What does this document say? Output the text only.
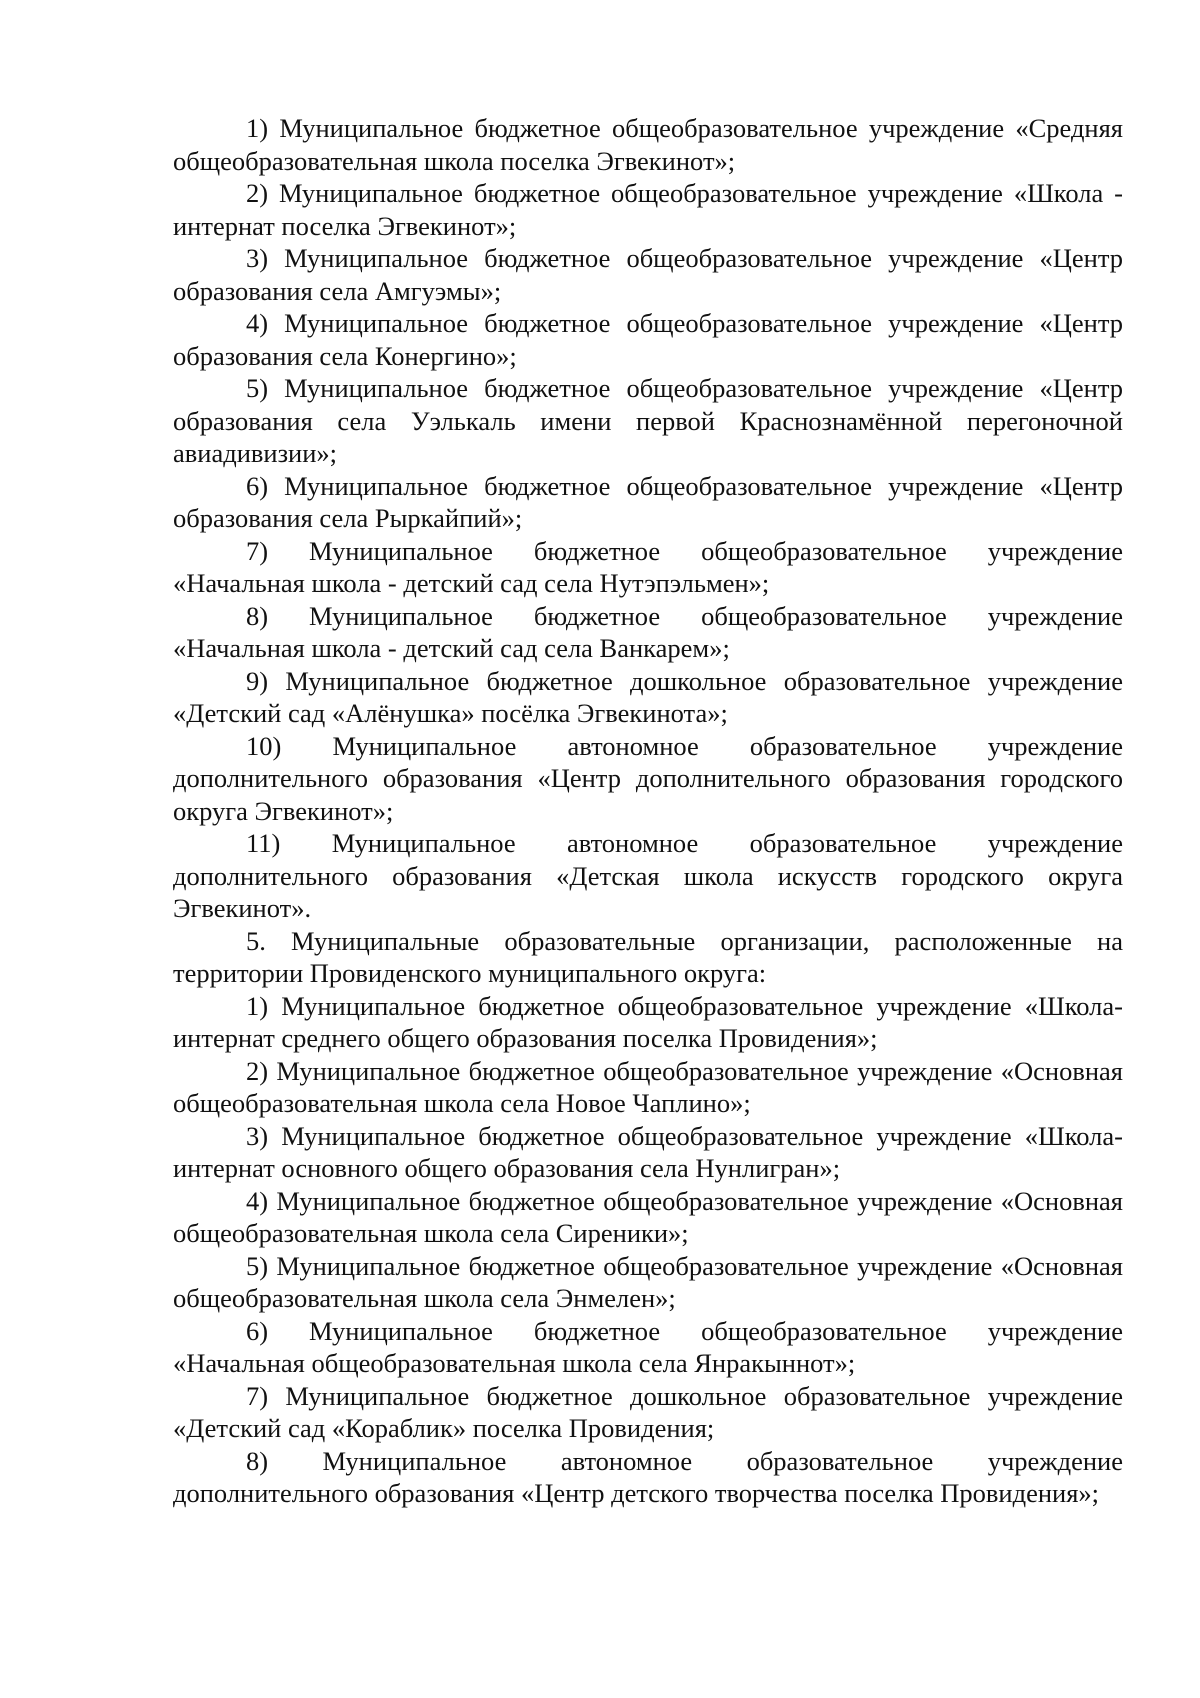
1) Муниципальное бюджетное общеобразовательное учреждение «Средняя общеобразовательная школа поселка Эгвекинот»;

2) Муниципальное бюджетное общеобразовательное учреждение «Школа - интернат поселка Эгвекинот»;

3) Муниципальное бюджетное общеобразовательное учреждение «Центр образования села Амгуэмы»;

4) Муниципальное бюджетное общеобразовательное учреждение «Центр образования села Конергино»;

5) Муниципальное бюджетное общеобразовательное учреждение «Центр образования села Уэлькаль имени первой Краснознамённой перегоночной авиадивизии»;

6) Муниципальное бюджетное общеобразовательное учреждение «Центр образования села Рыркайпий»;

7) Муниципальное бюджетное общеобразовательное учреждение «Начальная школа - детский сад села Нутэпэльмен»;

8) Муниципальное бюджетное общеобразовательное учреждение «Начальная школа - детский сад села Ванкарем»;

9) Муниципальное бюджетное дошкольное образовательное учреждение «Детский сад «Алёнушка» посёлка Эгвекинота»;

10) Муниципальное автономное образовательное учреждение дополнительного образования «Центр дополнительного образования городского округа Эгвекинот»;

11) Муниципальное автономное образовательное учреждение дополнительного образования «Детская школа искусств городского округа Эгвекинот».

5. Муниципальные образовательные организации, расположенные на территории Провиденского муниципального округа:

1) Муниципальное бюджетное общеобразовательное учреждение «Школа-интернат среднего общего образования поселка Провидения»;

2) Муниципальное бюджетное общеобразовательное учреждение «Основная общеобразовательная школа села Новое Чаплино»;

3) Муниципальное бюджетное общеобразовательное учреждение «Школа-интернат основного общего образования села Нунлигран»;

4) Муниципальное бюджетное общеобразовательное учреждение «Основная общеобразовательная школа села Сиреники»;

5) Муниципальное бюджетное общеобразовательное учреждение «Основная общеобразовательная школа села Энмелен»;

6) Муниципальное бюджетное общеобразовательное учреждение «Начальная общеобразовательная школа села Янракыннот»;

7) Муниципальное бюджетное дошкольное образовательное учреждение «Детский сад «Кораблик» поселка Провидения;

8) Муниципальное автономное образовательное учреждение дополнительного образования «Центр детского творчества поселка Провидения»;
